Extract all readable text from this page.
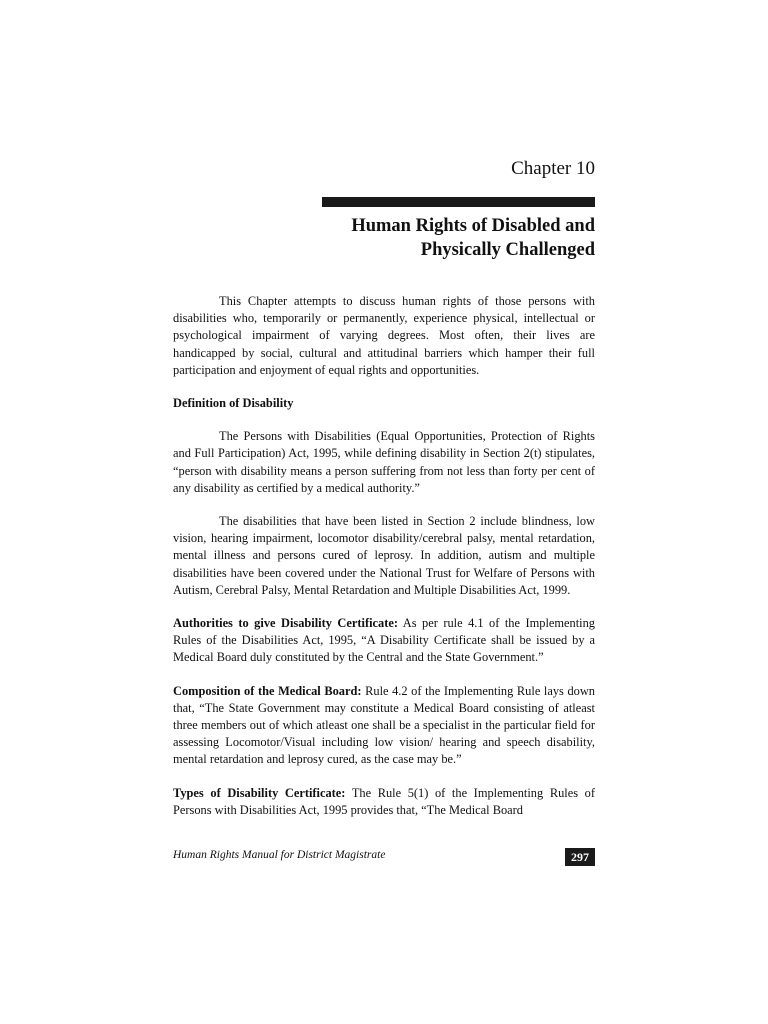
Chapter 10
Human Rights of Disabled and Physically Challenged

This Chapter attempts to discuss human rights of those persons with disabilities who, temporarily or permanently, experience physical, intellectual or psychological impairment of varying degrees. Most often, their lives are handicapped by social, cultural and attitudinal barriers which hamper their full participation and enjoyment of equal rights and opportunities.

Definition of Disability

The Persons with Disabilities (Equal Opportunities, Protection of Rights and Full Participation) Act, 1995, while defining disability in Section 2(t) stipulates, “person with disability means a person suffering from not less than forty per cent of any disability as certified by a medical authority.”

The disabilities that have been listed in Section 2 include blindness, low vision, hearing impairment, locomotor disability/cerebral palsy, mental retardation, mental illness and persons cured of leprosy. In addition, autism and multiple disabilities have been covered under the National Trust for Welfare of Persons with Autism, Cerebral Palsy, Mental Retardation and Multiple Disabilities Act, 1999.

Authorities to give Disability Certificate: As per rule 4.1 of the Implementing Rules of the Disabilities Act, 1995, “A Disability Certificate shall be issued by a Medical Board duly constituted by the Central and the State Government.”

Composition of the Medical Board: Rule 4.2 of the Implementing Rule lays down that, “The State Government may constitute a Medical Board consisting of atleast three members out of which atleast one shall be a specialist in the particular field for assessing Locomotor/Visual including low vision/ hearing and speech disability, mental retardation and leprosy cured, as the case may be.”

Types of Disability Certificate: The Rule 5(1) of the Implementing Rules of Persons with Disabilities Act, 1995 provides that, “The Medical Board

Human Rights Manual for District Magistrate	297
